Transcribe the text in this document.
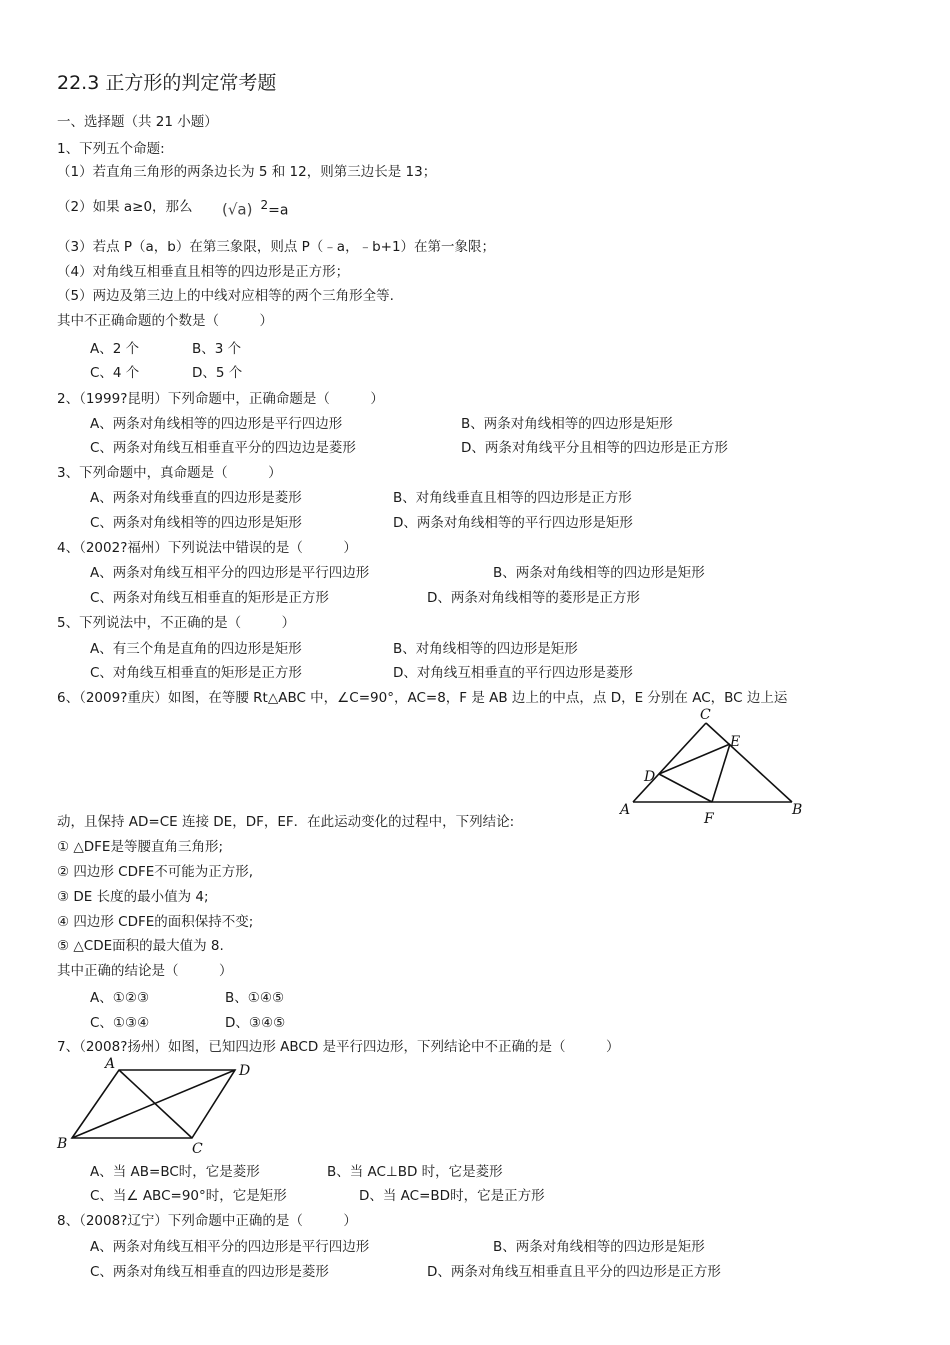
22.3 正方形的判定常考题
一、选择题（共 21 小题）
1、下列五个命题:
（1）若直角三角形的两条边长为 5 和 12，则第三边长是 13；
（2）如果 a≥0，那么 (√a) $^2$=a
（3）若点 P（a，b）在第三象限，则点 P（﹣a，﹣b+1）在第一象限；
（4）对角线互相垂直且相等的四边形是正方形；
（5）两边及第三边上的中线对应相等的两个三角形全等.
其中不正确命题的个数是（　　　）
A、2 个	B、3 个
C、4 个	D、5 个
2、（1999?昆明）下列命题中，正确命题是（　　　）
A、两条对角线相等的四边形是平行四边形	B、两条对角线相等的四边形是矩形
C、两条对角线互相垂直平分的四边边是菱形	D、两条对角线平分且相等的四边形是正方形
3、下列命题中，真命题是（　　　）
A、两条对角线垂直的四边形是菱形	B、对角线垂直且相等的四边形是正方形
C、两条对角线相等的四边形是矩形	D、两条对角线相等的平行四边形是矩形
4、（2002?福州）下列说法中错误的是（　　　）
A、两条对角线互相平分的四边形是平行四边形	B、两条对角线相等的四边形是矩形
C、两条对角线互相垂直的矩形是正方形	D、两条对角线相等的菱形是正方形
5、下列说法中，不正确的是（　　　）
A、有三个角是直角的四边形是矩形	B、对角线相等的四边形是矩形
C、对角线互相垂直的矩形是正方形	D、对角线互相垂直的平行四边形是菱形
6、（2009?重庆）如图，在等腰 Rt△ABC 中，∠C=90°，AC=8，F 是 AB 边上的中点，点 D，E 分别在 AC，BC 边上运
C
E
D
A
F
B
动，且保持 AD=CE 连接 DE，DF，EF．在此运动变化的过程中，下列结论:
① △DFE是等腰直角三角形;
② 四边形 CDFE不可能为正方形,
③ DE 长度的最小值为 4;
④ 四边形 CDFE的面积保持不变;
⑤ △CDE面积的最大值为 8.
其中正确的结论是（　　　）
A、①②③	B、①④⑤
C、①③④	D、③④⑤
7、（2008?扬州）如图，已知四边形 ABCD 是平行四边形，下列结论中不正确的是（　　　）
A	D
B	C
A、当 AB=BC时，它是菱形	B、当 AC⊥BD 时，它是菱形
C、当∠ ABC=90°时，它是矩形	D、当 AC=BD时，它是正方形
8、（2008?辽宁）下列命题中正确的是（　　　）
A、两条对角线互相平分的四边形是平行四边形	B、两条对角线相等的四边形是矩形
C、两条对角线互相垂直的四边形是菱形	D、两条对角线互相垂直且平分的四边形是正方形
